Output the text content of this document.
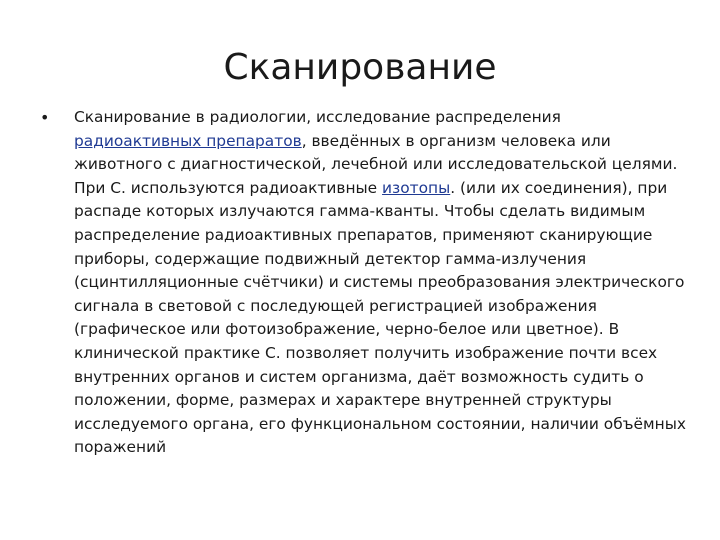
Сканирование
• Сканирование в радиологии, исследование распределения радиоактивных препаратов, введённых в организм человека или животного с диагностической, лечебной или исследовательской целями. При С. используются радиоактивные изотопы. (или их соединения), при распаде которых излучаются гамма-кванты. Чтобы сделать видимым распределение радиоактивных препаратов, применяют сканирующие приборы, содержащие подвижный детектор гамма-излучения (сцинтилляционные счётчики) и системы преобразования электрического сигнала в световой с последующей регистрацией изображения (графическое или фотоизображение, черно-белое или цветное). В клинической практике С. позволяет получить изображение почти всех внутренних органов и систем организма, даёт возможность судить о положении, форме, размерах и характере внутренней структуры исследуемого органа, его функциональном состоянии, наличии объёмных поражений
